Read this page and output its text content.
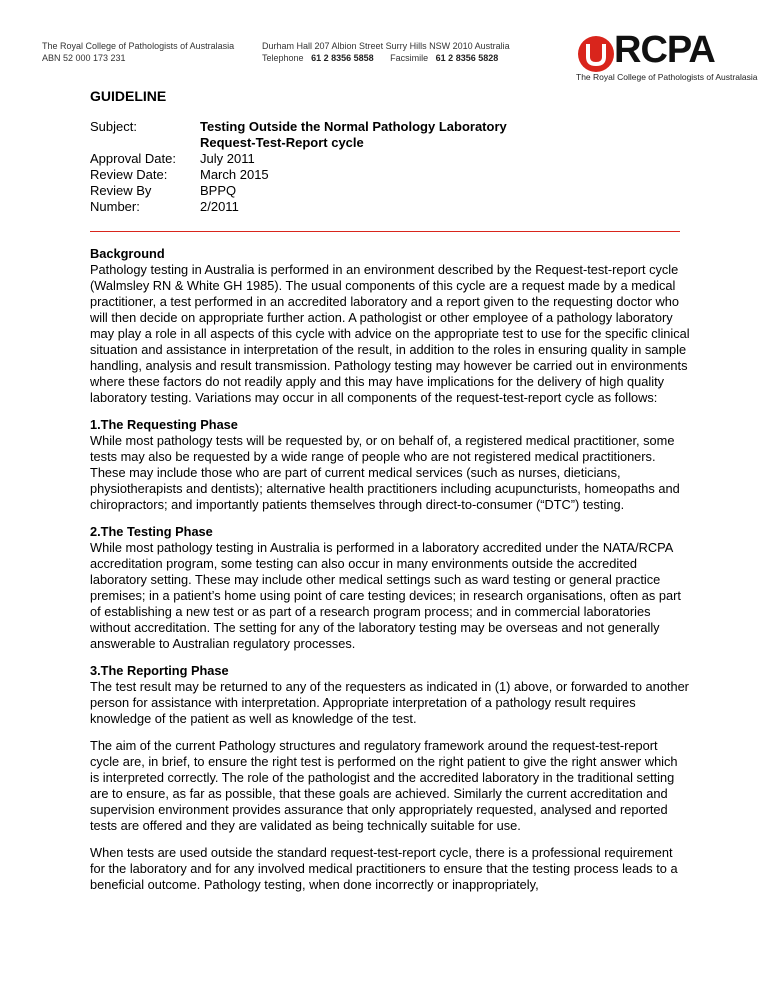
The Royal College of Pathologists of Australasia
ABN 52 000 173 231
Durham Hall 207 Albion Street Surry Hills NSW 2010 Australia
Telephone 61 2 8356 5858 Facsimile 61 2 8356 5828	RCPA
The Royal College of Pathologists of Australasia
GUIDELINE
Subject:	Testing Outside the Normal Pathology Laboratory
Request-Test-Report cycle
Approval Date:	July 2011
Review Date:	March 2015
Review By	BPPQ
Number:	2/2011
Background

Pathology testing in Australia is performed in an environment described by the Request-test-report cycle (Walmsley RN & White GH 1985). The usual components of this cycle are a request made by a medical practitioner, a test performed in an accredited laboratory and a report given to the requesting doctor who will then decide on appropriate further action. A pathologist or other employee of a pathology laboratory may play a role in all aspects of this cycle with advice on the appropriate test to use for the specific clinical situation and assistance in interpretation of the result, in addition to the roles in ensuring quality in sample handling, analysis and result transmission. Pathology testing may however be carried out in environments where these factors do not readily apply and this may have implications for the delivery of high quality laboratory testing. Variations may occur in all components of the request-test-report cycle as follows:

1.The Requesting Phase

While most pathology tests will be requested by, or on behalf of, a registered medical practitioner, some tests may also be requested by a wide range of people who are not registered medical practitioners. These may include those who are part of current medical services (such as nurses, dieticians, physiotherapists and dentists); alternative health practitioners including acupuncturists, homeopaths and chiropractors; and importantly patients themselves through direct-to-consumer (“DTC”) testing.

2.The Testing Phase

While most pathology testing in Australia is performed in a laboratory accredited under the NATA/RCPA accreditation program, some testing can also occur in many environments outside the accredited laboratory setting. These may include other medical settings such as ward testing or general practice premises; in a patient’s home using point of care testing devices; in research organisations, often as part of establishing a new test or as part of a research program process; and in commercial laboratories without accreditation. The setting for any of the laboratory testing may be overseas and not generally answerable to Australian regulatory processes.

3.The Reporting Phase

The test result may be returned to any of the requesters as indicated in (1) above, or forwarded to another person for assistance with interpretation. Appropriate interpretation of a pathology result requires knowledge of the patient as well as knowledge of the test.

The aim of the current Pathology structures and regulatory framework around the request-test-report cycle are, in brief, to ensure the right test is performed on the right patient to give the right answer which is interpreted correctly. The role of the pathologist and the accredited laboratory in the traditional setting are to ensure, as far as possible, that these goals are achieved. Similarly the current accreditation and supervision environment provides assurance that only appropriately requested, analysed and reported tests are offered and they are validated as being technically suitable for use.

When tests are used outside the standard request-test-report cycle, there is a professional requirement for the laboratory and for any involved medical practitioners to ensure that the testing process leads to a beneficial outcome. Pathology testing, when done incorrectly or inappropriately,
